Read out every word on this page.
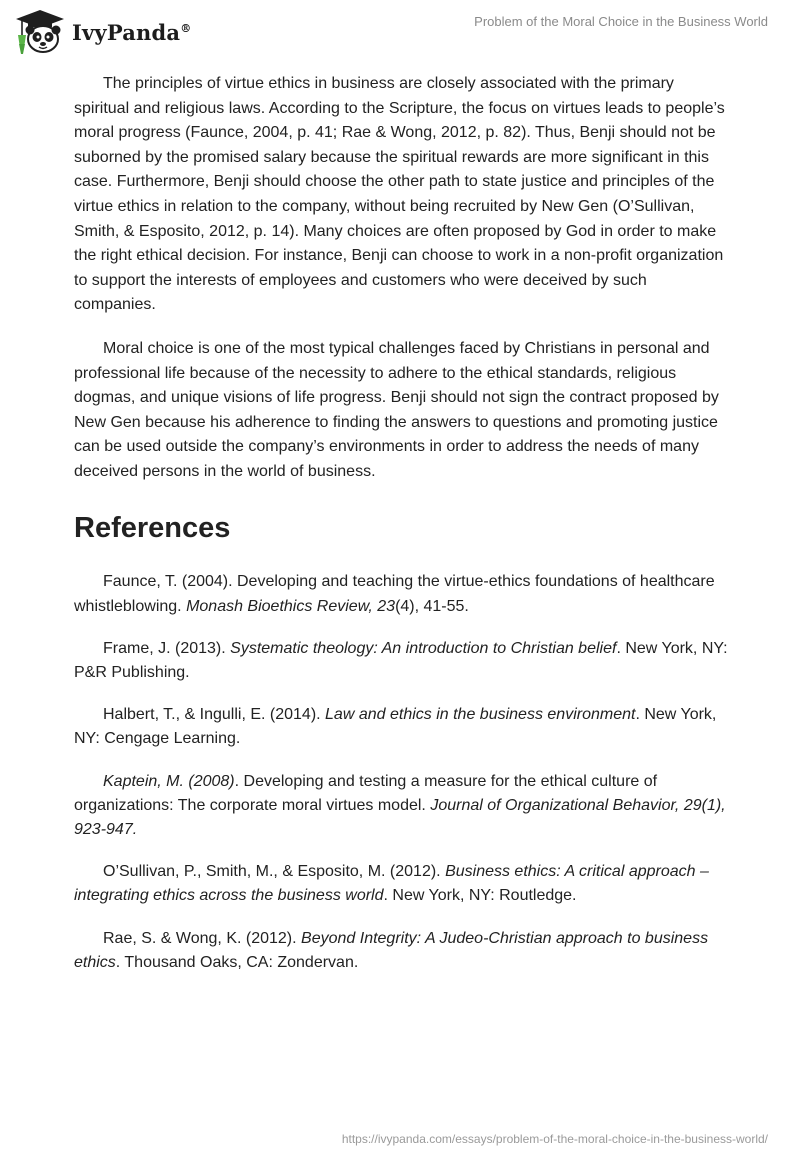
IvyPanda®	Problem of the Moral Choice in the Business World

The principles of virtue ethics in business are closely associated with the primary spiritual and religious laws. According to the Scripture, the focus on virtues leads to people’s moral progress (Faunce, 2004, p. 41; Rae & Wong, 2012, p. 82). Thus, Benji should not be suborned by the promised salary because the spiritual rewards are more significant in this case. Furthermore, Benji should choose the other path to state justice and principles of the virtue ethics in relation to the company, without being recruited by New Gen (O’Sullivan, Smith, & Esposito, 2012, p. 14). Many choices are often proposed by God in order to make the right ethical decision. For instance, Benji can choose to work in a non-profit organization to support the interests of employees and customers who were deceived by such companies.

Moral choice is one of the most typical challenges faced by Christians in personal and professional life because of the necessity to adhere to the ethical standards, religious dogmas, and unique visions of life progress. Benji should not sign the contract proposed by New Gen because his adherence to finding the answers to questions and promoting justice can be used outside the company’s environments in order to address the needs of many deceived persons in the world of business.

References

Faunce, T. (2004). Developing and teaching the virtue-ethics foundations of healthcare whistleblowing. Monash Bioethics Review, 23(4), 41-55.

Frame, J. (2013). Systematic theology: An introduction to Christian belief. New York, NY: P&R Publishing.

Halbert, T., & Ingulli, E. (2014). Law and ethics in the business environment. New York, NY: Cengage Learning.

Kaptein, M. (2008). Developing and testing a measure for the ethical culture of organizations: The corporate moral virtues model. Journal of Organizational Behavior, 29(1), 923-947.

O’Sullivan, P., Smith, M., & Esposito, M. (2012). Business ethics: A critical approach – integrating ethics across the business world. New York, NY: Routledge.

Rae, S. & Wong, K. (2012). Beyond Integrity: A Judeo-Christian approach to business ethics. Thousand Oaks, CA: Zondervan.

https://ivypanda.com/essays/problem-of-the-moral-choice-in-the-business-world/
